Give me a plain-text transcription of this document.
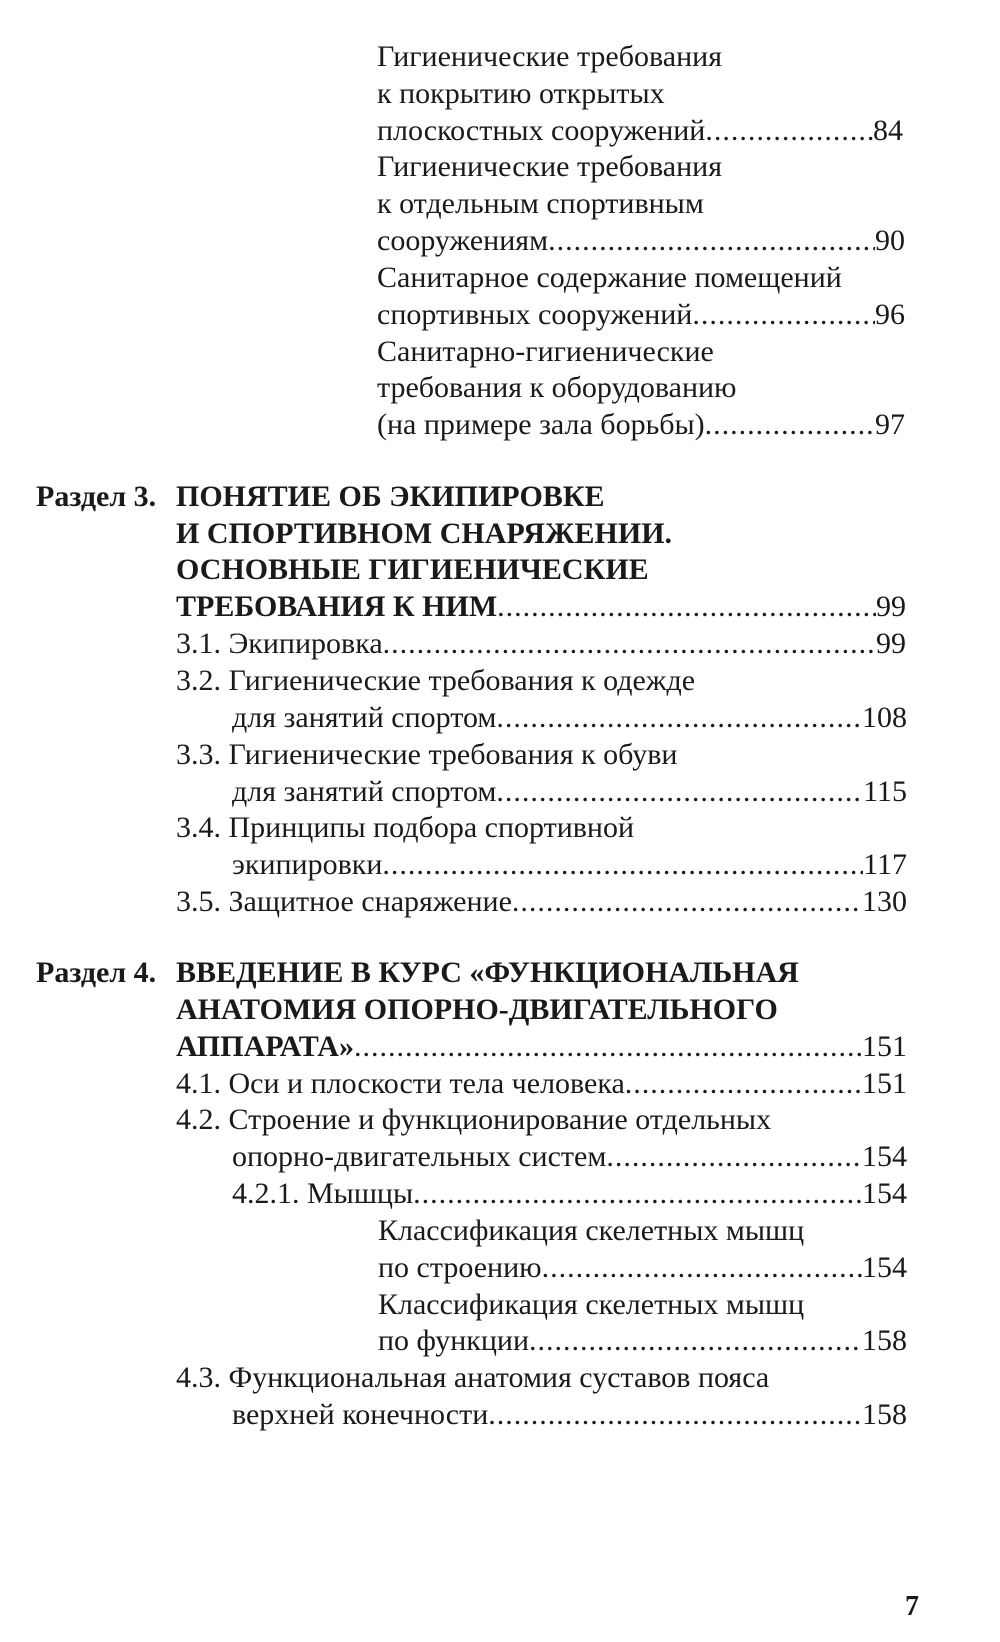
Гигиенические требования
к покрытию открытых
плоскостных сооружений .....	84
Гигиенические требования
к отдельным спортивным
сооружениям .....	90
Санитарное содержание помещений
спортивных сооружений .....	96
Санитарно-гигиенические
требования к оборудованию
(на примере зала борьбы) .....	97
Раздел 3. ПОНЯТИЕ ОБ ЭКИПИРОВКЕ
И СПОРТИВНОМ СНАРЯЖЕНИИ.
ОСНОВНЫЕ ГИГИЕНИЧЕСКИЕ
ТРЕБОВАНИЯ К НИМ .....	99
3.1. Экипировка .....	99
3.2. Гигиенические требования к одежде
для занятий спортом .....	108
3.3. Гигиенические требования к обуви
для занятий спортом .....	115
3.4. Принципы подбора спортивной
экипировки .....	117
3.5. Защитное снаряжение .....	130
Раздел 4. ВВЕДЕНИЕ В КУРС «ФУНКЦИОНАЛЬНАЯ
АНАТОМИЯ ОПОРНО-ДВИГАТЕЛЬНОГО
АППАРАТА» .....	151
4.1. Оси и плоскости тела человека .....	151
4.2. Строение и функционирование отдельных
опорно-двигательных систем .....	154
4.2.1. Мышцы .....	154
Классификация скелетных мышц
по строению .....	154
Классификация скелетных мышц
по функции .....	158
4.3. Функциональная анатомия суставов пояса
верхней конечности .....	158
7
